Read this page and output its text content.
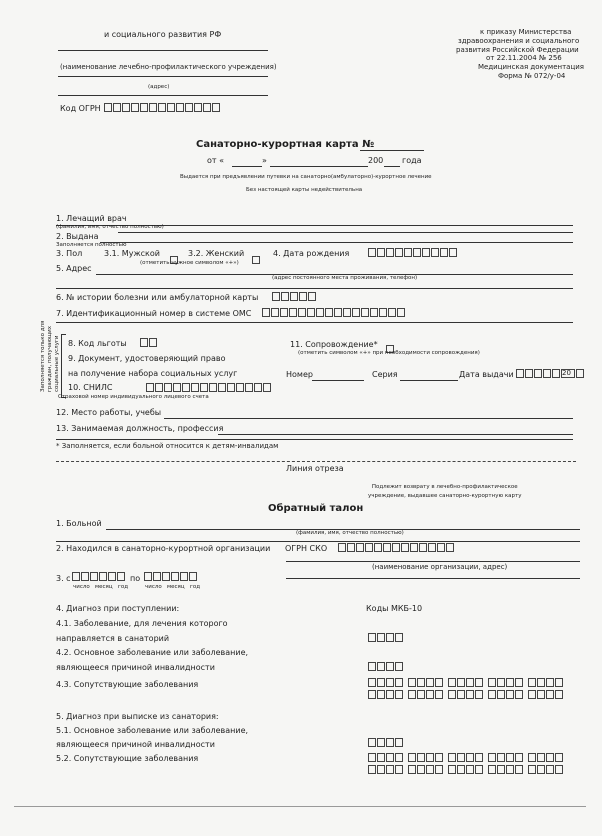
и социального развития РФ
(наименование лечебно-профилактического учреждения)
(адрес)
Код ОГРН
к приказу Министерства
здравоохранения и социального
развития Российской Федерации
от 22.11.2004 № 256
Медицинская документация
Форма № 072/у-04
Санаторно-курортная карта №
от «	»	200 года
Выдается при предъявлении путевки на санаторно(амбулаторно)-курортное лечение
Без настоящей карты недействительна
1. Лечащий врач
(фамилия, имя, отчество полностью)
2. Выдана
Заполняется полностью
3. Пол	3.1. Мужской	3.2. Женский
(отметить нужное символом «+»)
4. Дата рождения
5. Адрес
(адрес постоянного места проживания, телефон)
6. № истории болезни или амбулаторной карты
7. Идентификационный номер в системе ОМС
Заполняется только для граждан, получающих социальные услуги 8. Код льготы	11. Сопровождение*
(отметить символом «+» при необходимости сопровождения)
9. Документ, удостоверяющий право
на получение набора социальных услуг	Номер	Серия	Дата выдачи	20
10. СНИЛС
Страховой номер индивидуального лицевого счета
12. Место работы, учебы
13. Занимаемая должность, профессия
* Заполняется, если больной относится к детям-инвалидам
Линия отреза
Подлежит возврату в лечебно-профилактическое
учреждение, выдавшее санаторно-курортную карту
Обратный талон
1. Больной
(фамилия, имя, отчество полностью)
2. Находился в санаторно-курортной организации ОГРН СКО
(наименование организации, адрес)
3. с	по
число месяц год	число месяц год
4. Диагноз при поступлении:	Коды МКБ-10
4.1. Заболевание, для лечения которого
направляется в санаторий
4.2. Основное заболевание или заболевание,
являющееся причиной инвалидности
4.3. Сопутствующие заболевания
5. Диагноз при выписке из санатория:
5.1. Основное заболевание или заболевание,
являющееся причиной инвалидности
5.2. Сопутствующие заболевания
